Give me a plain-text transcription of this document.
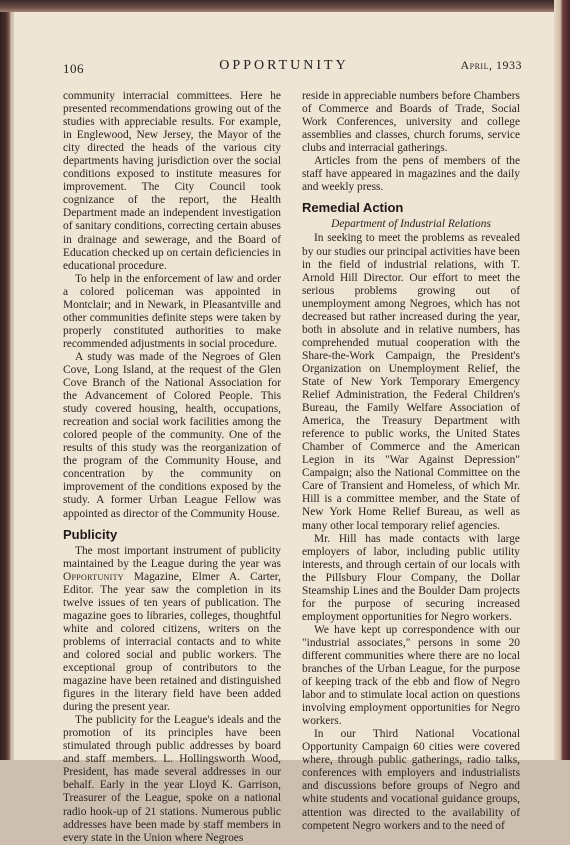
106	OPPORTUNITY	April, 1933

community interracial committees. Here he presented recommendations growing out of the studies with appreciable results. For example, in Englewood, New Jersey, the Mayor of the city directed the heads of the various city departments having jurisdiction over the social conditions exposed to institute measures for improvement. The City Council took cognizance of the report, the Health Department made an independent investigation of sanitary conditions, correcting certain abuses in drainage and sewerage, and the Board of Education checked up on certain deficiencies in educational procedure.

To help in the enforcement of law and order a colored policeman was appointed in Montclair; and in Newark, in Pleasantville and other communities definite steps were taken by properly constituted authorities to make recommended adjustments in social procedure.

A study was made of the Negroes of Glen Cove, Long Island, at the request of the Glen Cove Branch of the National Association for the Advancement of Colored People. This study covered housing, health, occupations, recreation and social work facilities among the colored people of the community. One of the results of this study was the reorganization of the program of the Community House, and concentration by the community on improvement of the conditions exposed by the study. A former Urban League Fellow was appointed as director of the Community House.

Publicity

The most important instrument of publicity maintained by the League during the year was Opportunity Magazine, Elmer A. Carter, Editor. The year saw the completion in its twelve issues of ten years of publication. The magazine goes to libraries, colleges, thoughtful white and colored citizens, writers on the problems of interracial contacts and to white and colored social and public workers. The exceptional group of contributors to the magazine have been retained and distinguished figures in the literary field have been added during the present year.

The publicity for the League's ideals and the promotion of its principles have been stimulated through public addresses by board and staff members. L. Hollingsworth Wood, President, has made several addresses in our behalf. Early in the year Lloyd K. Garrison, Treasurer of the League, spoke on a national radio hook-up of 21 stations. Numerous public addresses have been made by staff members in every state in the Union where Negroes

reside in appreciable numbers before Chambers of Commerce and Boards of Trade, Social Work Conferences, university and college assemblies and classes, church forums, service clubs and interracial gatherings.

Articles from the pens of members of the staff have appeared in magazines and the daily and weekly press.

Remedial Action
Department of Industrial Relations

In seeking to meet the problems as revealed by our studies our principal activities have been in the field of industrial relations, with T. Arnold Hill Director. Our effort to meet the serious problems growing out of unemployment among Negroes, which has not decreased but rather increased during the year, both in absolute and in relative numbers, has comprehended mutual cooperation with the Share-the-Work Campaign, the President's Organization on Unemployment Relief, the State of New York Temporary Emergency Relief Administration, the Federal Children's Bureau, the Family Welfare Association of America, the Treasury Department with reference to public works, the United States Chamber of Commerce and the American Legion in its "War Against Depression" Campaign; also the National Committee on the Care of Transient and Homeless, of which Mr. Hill is a committee member, and the State of New York Home Relief Bureau, as well as many other local temporary relief agencies.

Mr. Hill has made contacts with large employers of labor, including public utility interests, and through certain of our locals with the Pillsbury Flour Company, the Dollar Steamship Lines and the Boulder Dam projects for the purpose of securing increased employment opportunities for Negro workers.

We have kept up correspondence with our "industrial associates," persons in some 20 different communities where there are no local branches of the Urban League, for the purpose of keeping track of the ebb and flow of Negro labor and to stimulate local action on questions involving employment opportunities for Negro workers.

In our Third National Vocational Opportunity Campaign 60 cities were covered where, through public gatherings, radio talks, conferences with employers and industrialists and discussions before groups of Negro and white students and vocational guidance groups, attention was directed to the availability of competent Negro workers and to the need of
